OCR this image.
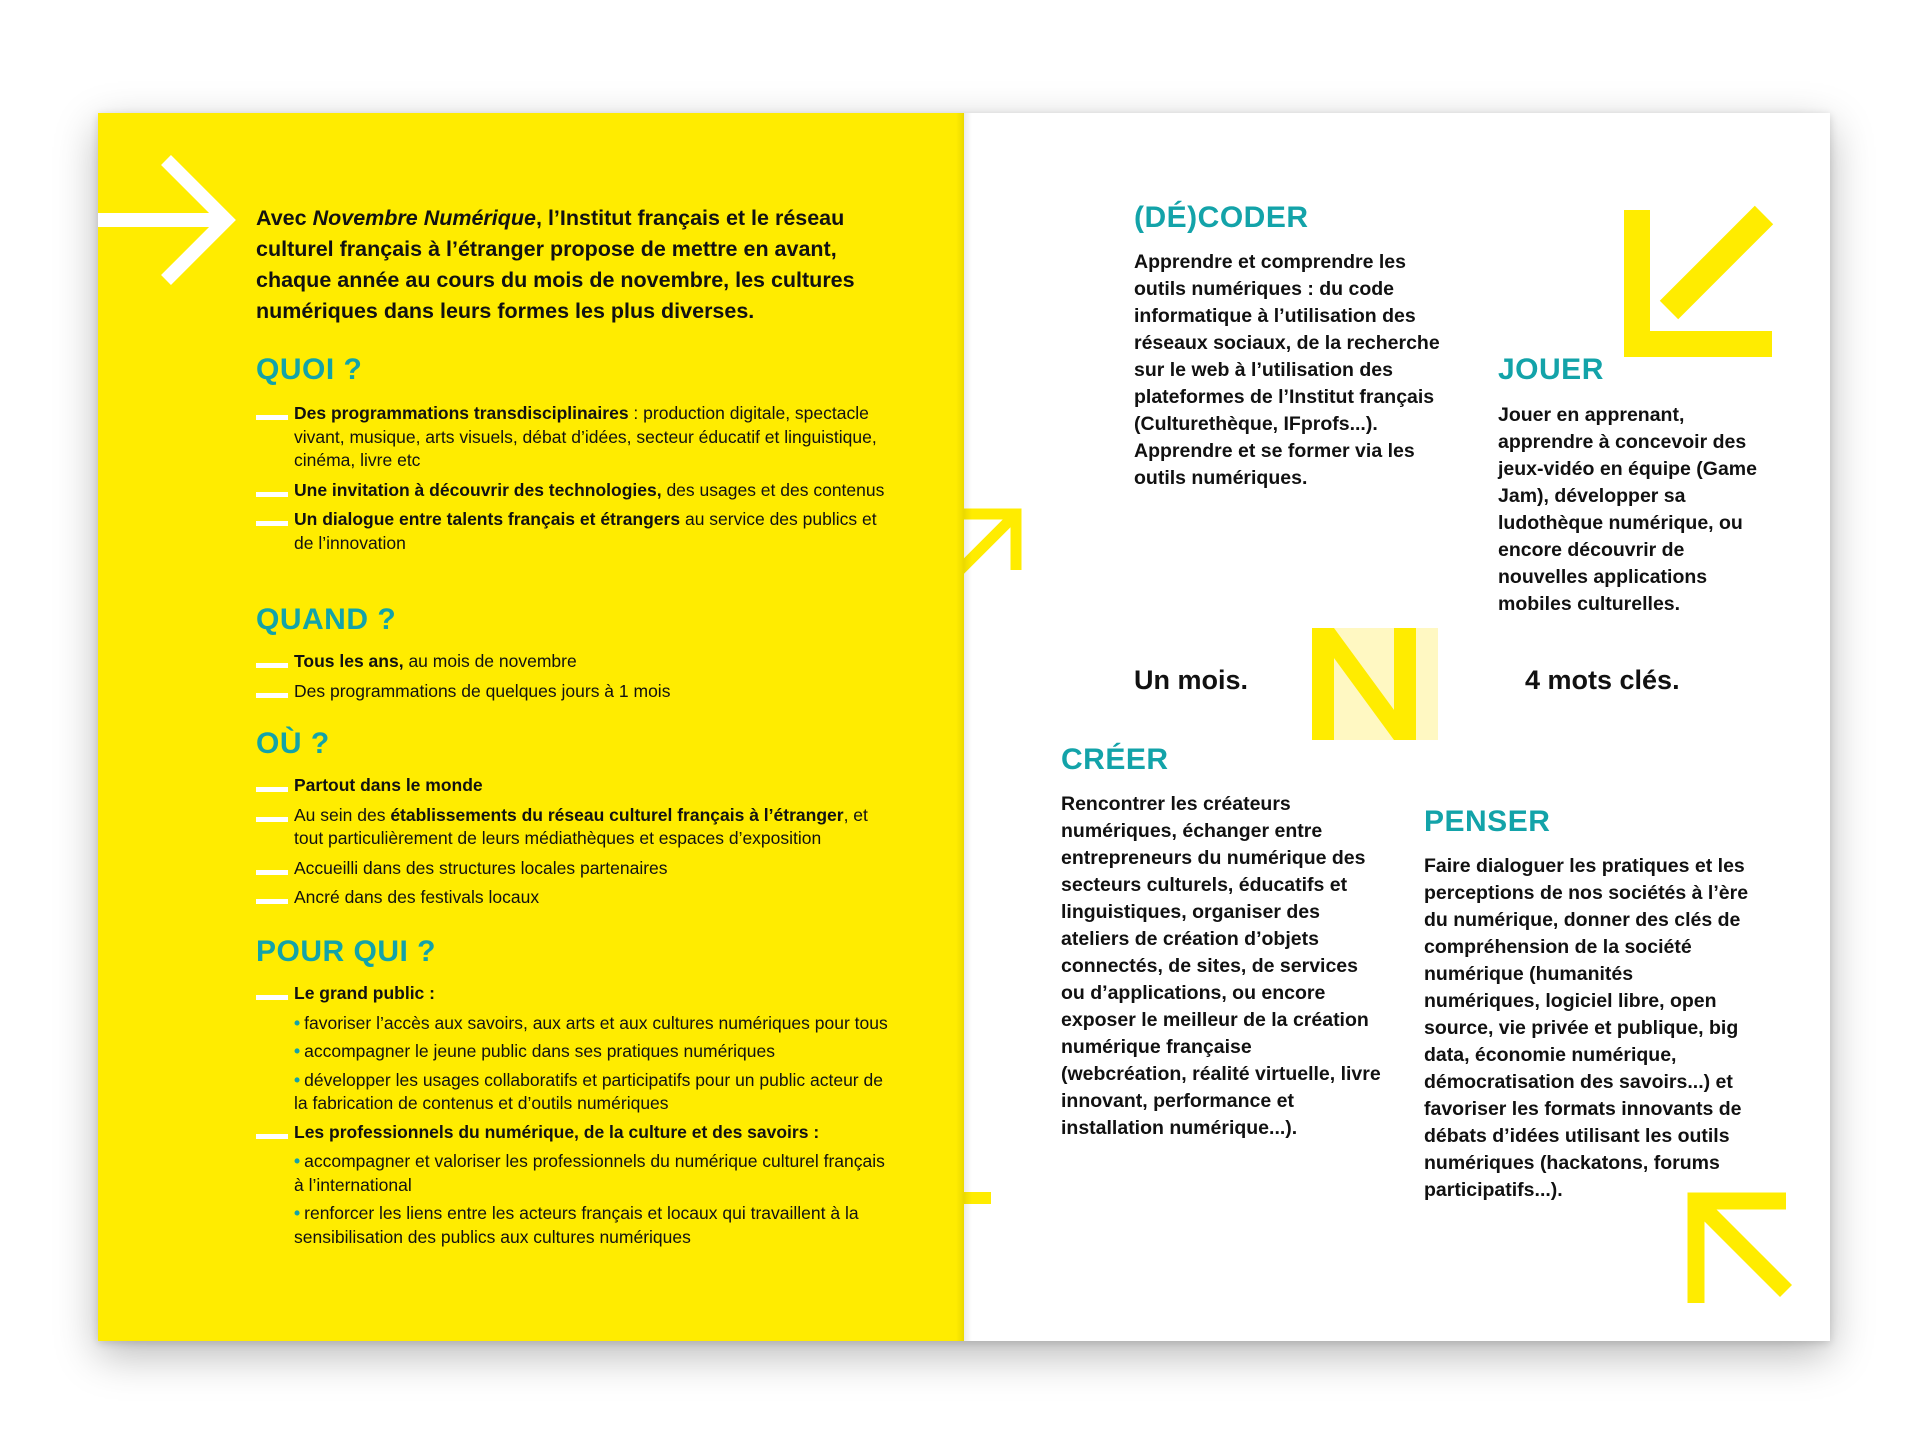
Avec Novembre Numérique, l’Institut français et le réseau culturel français à l’étranger propose de mettre en avant, chaque année au cours du mois de novembre, les cultures numériques dans leurs formes les plus diverses.

QUOI ?
Des programmations transdisciplinaires : production digitale, spectacle vivant, musique, arts visuels, débat d’idées, secteur éducatif et linguistique, cinéma, livre etc
Une invitation à découvrir des technologies, des usages et des contenus
Un dialogue entre talents français et étrangers au service des publics et de l’innovation
QUAND ?
Tous les ans, au mois de novembre
Des programmations de quelques jours à 1 mois
OÙ ?
Partout dans le monde
Au sein des établissements du réseau culturel français à l’étranger, et tout particulièrement de leurs médiathèques et espaces d’exposition
Accueilli dans des structures locales partenaires
Ancré dans des festivals locaux
POUR QUI ?
Le grand public :
• favoriser l’accès aux savoirs, aux arts et aux cultures numériques pour tous
• accompagner le jeune public dans ses pratiques numériques
• développer les usages collaboratifs et participatifs pour un public acteur de la fabrication de contenus et d’outils numériques
Les professionnels du numérique, de la culture et des savoirs :
• accompagner et valoriser les professionnels du numérique culturel français à l’international
• renforcer les liens entre les acteurs français et locaux qui travaillent à la sensibilisation des publics aux cultures numériques
(DÉ)CODER

Apprendre et comprendre les outils numériques : du code informatique à l’utilisation des réseaux sociaux, de la recherche sur le web à l’utilisation des plateformes de l’Institut français (Culturethèque, IFprofs...). Apprendre et se former via les outils numériques.

JOUER

Jouer en apprenant, apprendre à concevoir des jeux-vidéo en équipe (Game Jam), développer sa ludothèque numérique, ou encore découvrir de nouvelles applications mobiles culturelles.

Un mois.	4 mots clés.

CRÉER

Rencontrer les créateurs numériques, échanger entre entrepreneurs du numérique des secteurs culturels, éducatifs et linguistiques, organiser des ateliers de création d’objets connectés, de sites, de services ou d’applications, ou encore exposer le meilleur de la création numérique française (webcréation, réalité virtuelle, livre innovant, performance et installation numérique...).

PENSER

Faire dialoguer les pratiques et les perceptions de nos sociétés à l’ère du numérique, donner des clés de compréhension de la société numérique (humanités numériques, logiciel libre, open source, vie privée et publique, big data, économie numérique, démocratisation des savoirs...) et favoriser les formats innovants de débats d’idées utilisant les outils numériques (hackatons, forums participatifs...).
